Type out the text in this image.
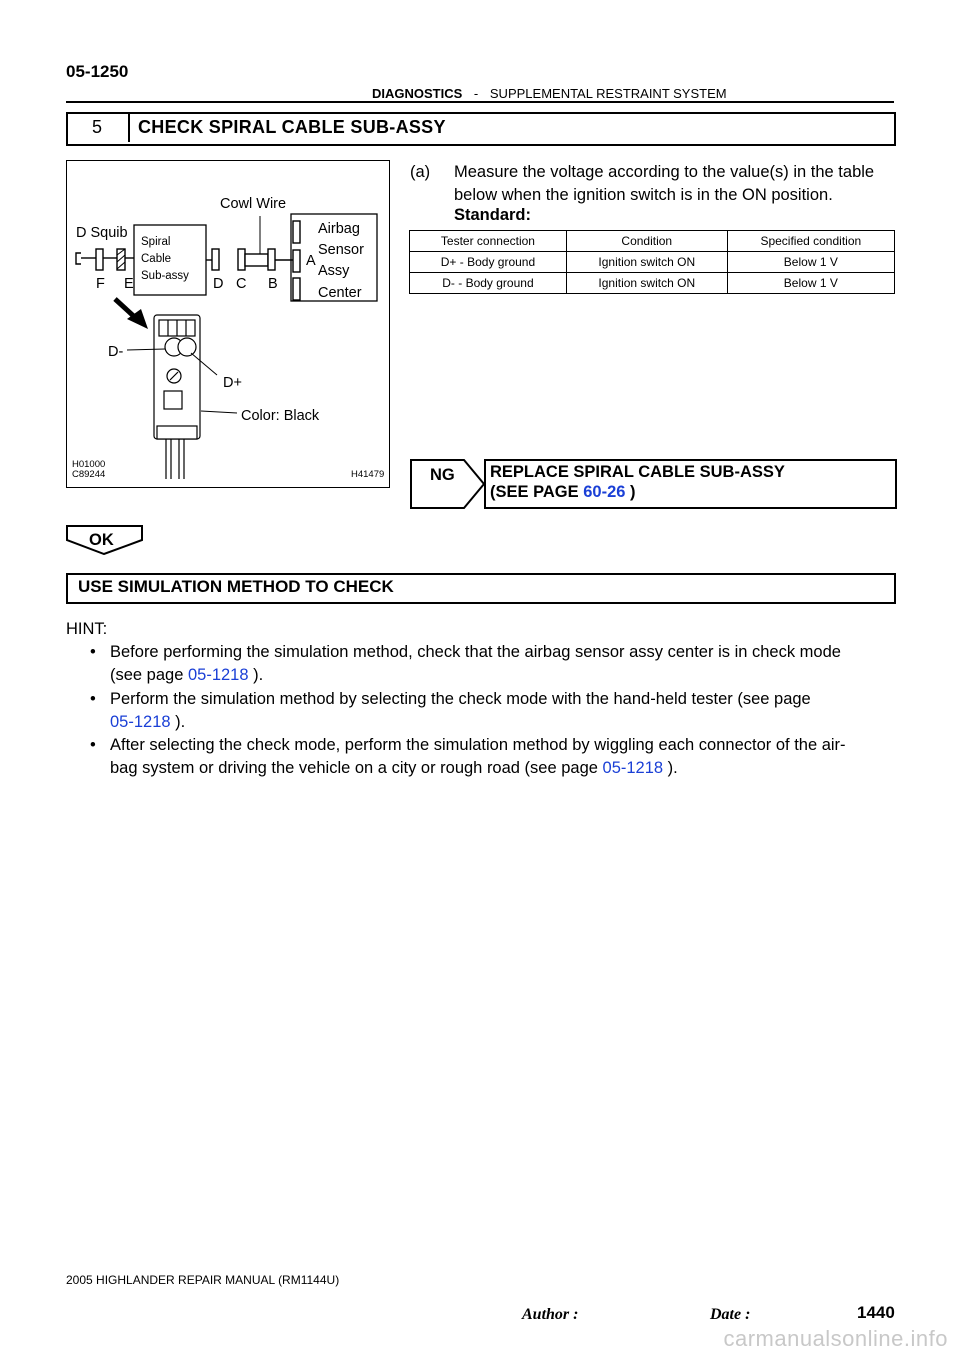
05-1250
DIAGNOSTICS - SUPPLEMENTAL RESTRAINT SYSTEM
5	CHECK SPIRAL CABLE SUB-ASSY
Cowl Wire
D Squib
Spiral
Cable
Sub-assy
Airbag
Sensor
Assy
Center
A
F E	D C B
D-
D+
Color: Black
H01000
C89244	H41479
(a) Measure the voltage according to the value(s) in the table below when the ignition switch is in the ON position.
Standard:
Tester connection	Condition	Specified condition
D+ - Body ground	Ignition switch ON	Below 1 V
D- - Body ground	Ignition switch ON	Below 1 V
NG REPLACE SPIRAL CABLE SUB-ASSY
(SEE PAGE 60-26 )
OK
USE SIMULATION METHOD TO CHECK
HINT:
• Before performing the simulation method, check that the airbag sensor assy center is in check mode
(see page 05-1218 ).
• Perform the simulation method by selecting the check mode with the hand-held tester (see page
05-1218 ).
• After selecting the check mode, perform the simulation method by wiggling each connector of the air-
bag system or driving the vehicle on a city or rough road (see page 05-1218 ).
2005 HIGHLANDER REPAIR MANUAL (RM1144U)
Author :	Date :	1440
carmanualsonline.info
